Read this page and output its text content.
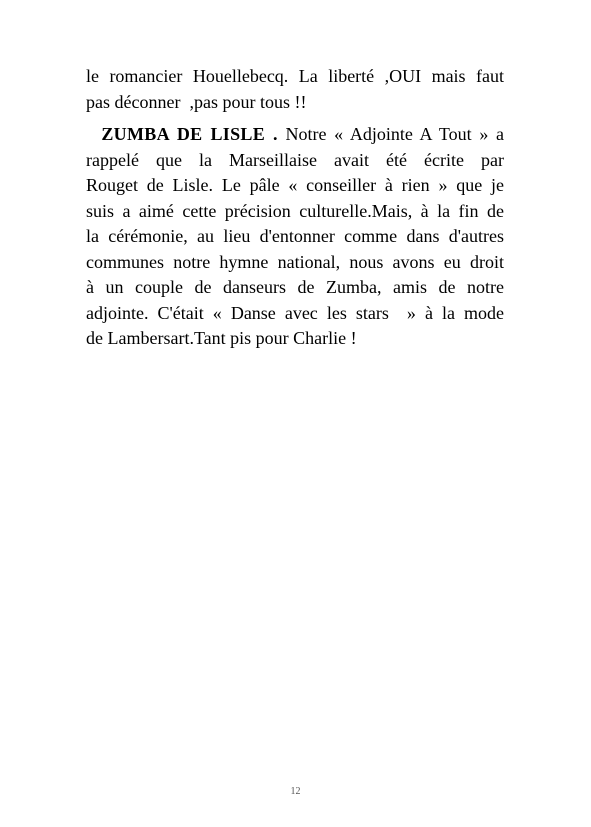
le romancier Houellebecq. La liberté ,OUI mais faut
pas déconner  ,pas pour tous !!
ZUMBA DE LISLE . Notre « Adjointe A Tout » a
rappelé que la Marseillaise avait été écrite par
Rouget de Lisle. Le pâle « conseiller à rien » que je
suis a aimé cette précision culturelle.Mais, à la fin de
la cérémonie, au lieu d'entonner comme dans d'autres
communes notre hymne national, nous avons eu droit
à un couple de danseurs de Zumba, amis de notre
adjointe. C'était « Danse avec les stars  » à la mode
de Lambersart.Tant pis pour Charlie !
12
